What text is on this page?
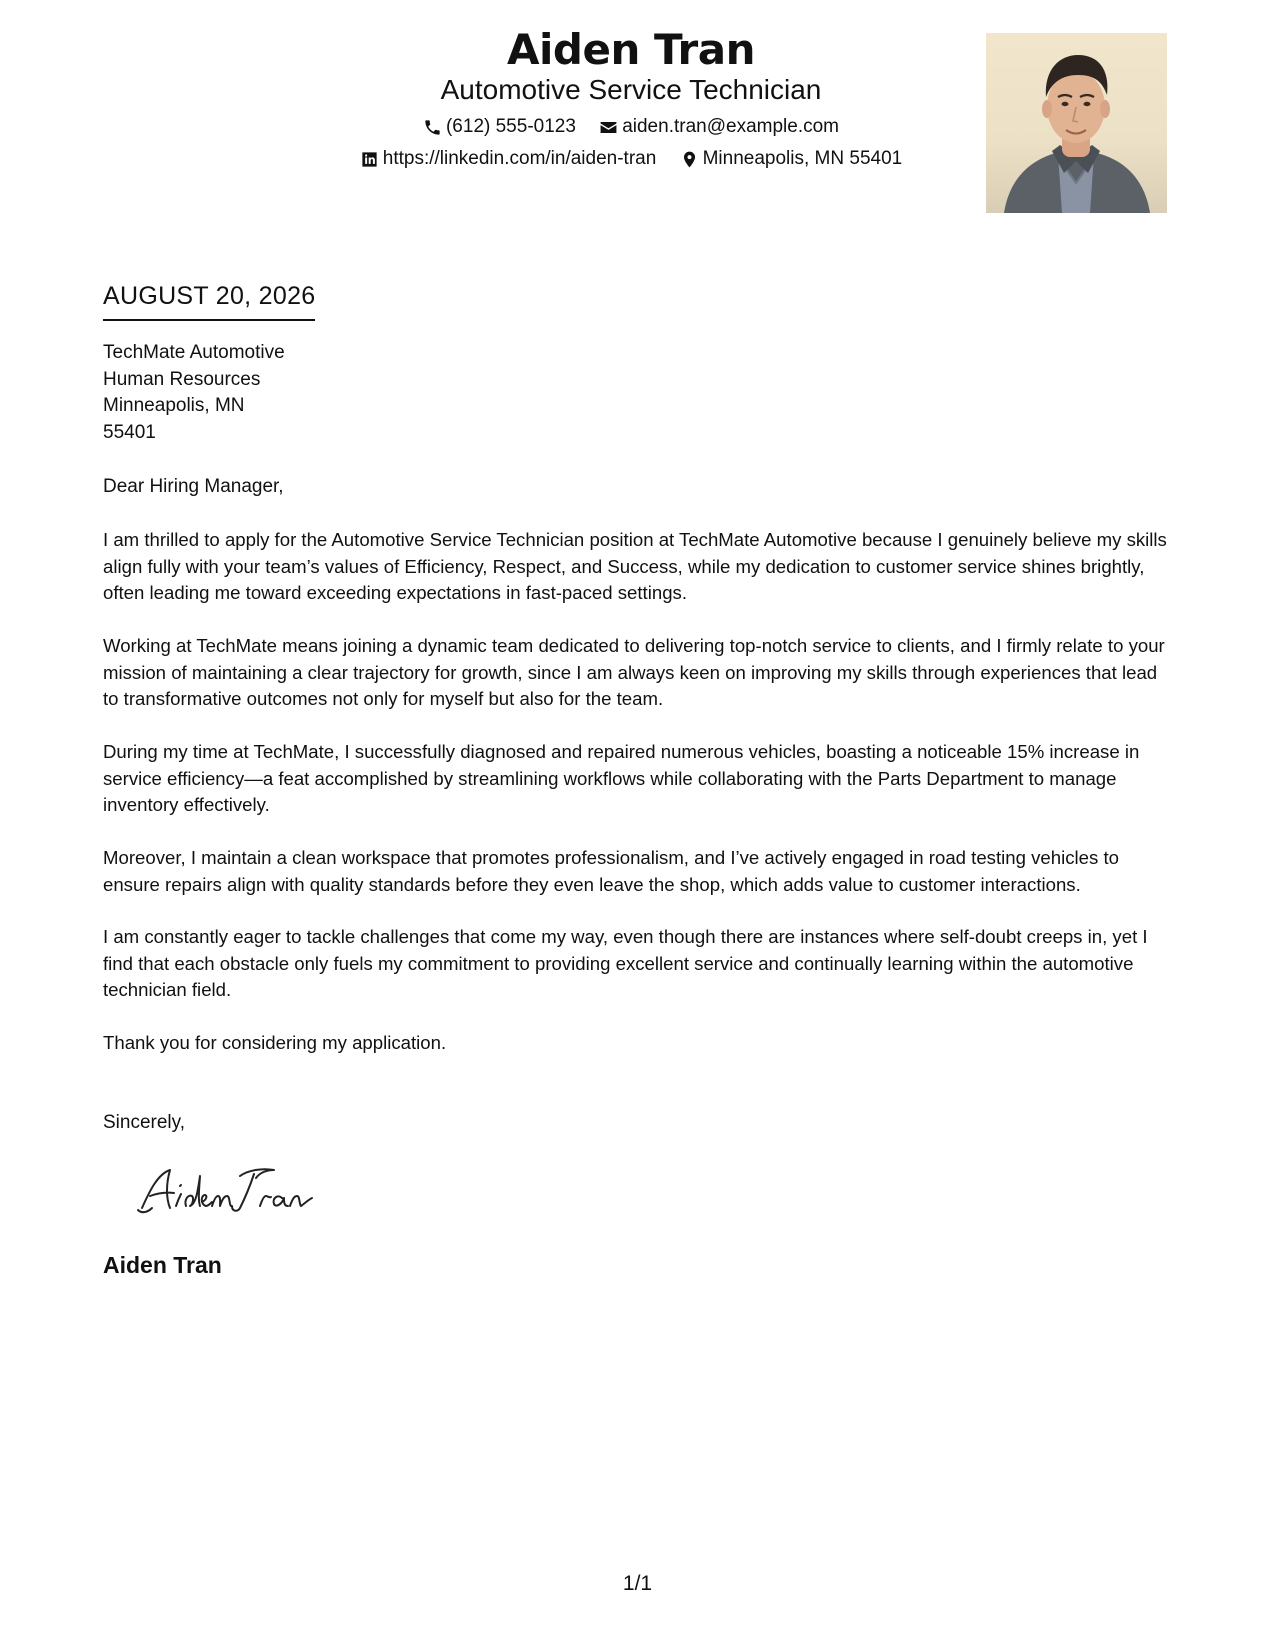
Aiden Tran
Automotive Service Technician
(612) 555-0123
aiden.tran@example.com
https://linkedin.com/in/aiden-tran
Minneapolis, MN 55401
AUGUST 20, 2026
TechMate Automotive
Human Resources
Minneapolis, MN
55401
Dear Hiring Manager,
I am thrilled to apply for the Automotive Service Technician position at TechMate Automotive because I genuinely believe my skills align fully with your team’s values of Efficiency, Respect, and Success, while my dedication to customer service shines brightly, often leading me toward exceeding expectations in fast-paced settings.
Working at TechMate means joining a dynamic team dedicated to delivering top-notch service to clients, and I firmly relate to your mission of maintaining a clear trajectory for growth, since I am always keen on improving my skills through experiences that lead to transformative outcomes not only for myself but also for the team.
During my time at TechMate, I successfully diagnosed and repaired numerous vehicles, boasting a noticeable 15% increase in service efficiency—a feat accomplished by streamlining workflows while collaborating with the Parts Department to manage inventory effectively.
Moreover, I maintain a clean workspace that promotes professionalism, and I’ve actively engaged in road testing vehicles to ensure repairs align with quality standards before they even leave the shop, which adds value to customer interactions.
I am constantly eager to tackle challenges that come my way, even though there are instances where self-doubt creeps in, yet I find that each obstacle only fuels my commitment to providing excellent service and continually learning within the automotive technician field.
Thank you for considering my application.
Sincerely,
Aiden Tran
1/1
